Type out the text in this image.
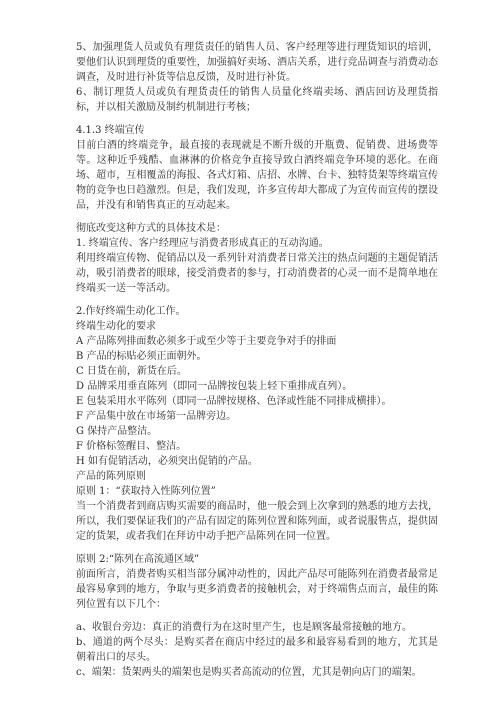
5、加强理货人员或负有理货责任的销售人员、客户经理等进行理货知识的培训，要他们认识到理货的重要性，加强搞好卖场、酒店关系，进行竞品调查与消费动态调查，及时进行补货等信息反馈，及时进行补货。

6、制订理货人员或负有理货责任的销售人员量化终端卖场、酒店回访及理货指标，并以相关激励及制约机制进行考核；

4.1.3 终端宣传

目前白酒的终端竞争，最直接的表现就是不断升级的开瓶费、促销费、进场费等等。这种近乎残酷、血淋淋的价格竞争直接导致白酒终端竞争环境的恶化。在商场、超市，互相覆盖的海报、各式灯箱、店招、水牌、台卡、独特货架等终端宣传物的竞争也日趋激烈。但是，我们发现，许多宣传却大都成了为宣传而宣传的摆设品，并没有和销售真正的互动起来。

彻底改变这种方式的具体技术是：

1. 终端宣传、客户经理应与消费者形成真正的互动沟通。

利用终端宣传物、促销品以及一系列针对消费者日常关注的热点问题的主题促销活动，吸引消费者的眼球，接受消费者的参与，打动消费者的心灵一而不是简单地在终端买一送一等活动。

2.作好终端生动化工作。

终端生动化的要求

A 产品陈列排面数必须多于或至少等于主要竞争对手的排面

B 产品的标贴必须正面朝外。

C 日货在前，新货在后。

D 品牌采用垂直陈列（即同一品牌按包装上轻下重排成直列）。

E 包装采用水平陈列（即同一品牌按规格、色泽或性能不同排成横排）。

F 产品集中放在市场第一品牌旁边。

G 保持产品整洁。

F 价格标签醒目、整洁。

H 如有促销活动，必须突出促销的产品。

产品的陈列原则

原则 1：“获取持入性陈列位置”

当一个消费者到商店购买需要的商品时，他一般会到上次拿到的熟悉的地方去找，所以，我们要保证我们的产品有固定的陈列位置和陈列面，或者说服售点，提供固定的货架，或者我们在拜访中动手把产品陈列在同一位置。

原则 2:“陈列在高流通区域”

前面所言，消费者购买相当部分属冲动性的，因此产品尽可能陈列在消费者最常足最容易拿到的地方，争取与更多消费者的接触机会，对于终端售点而言，最佳的陈列位置有以下几个：

a、收银台旁边：真正的消费行为在这时里产生，也是顾客最常接触的地方。

b、通道的两个尽头：是购买者在商店中经过的最多和最容易看到的地方，尤其是朝着出口的尽头。

c、端架：货架两头的端架也是购买者高流动的位置，尤其是朝向店门的端架。
